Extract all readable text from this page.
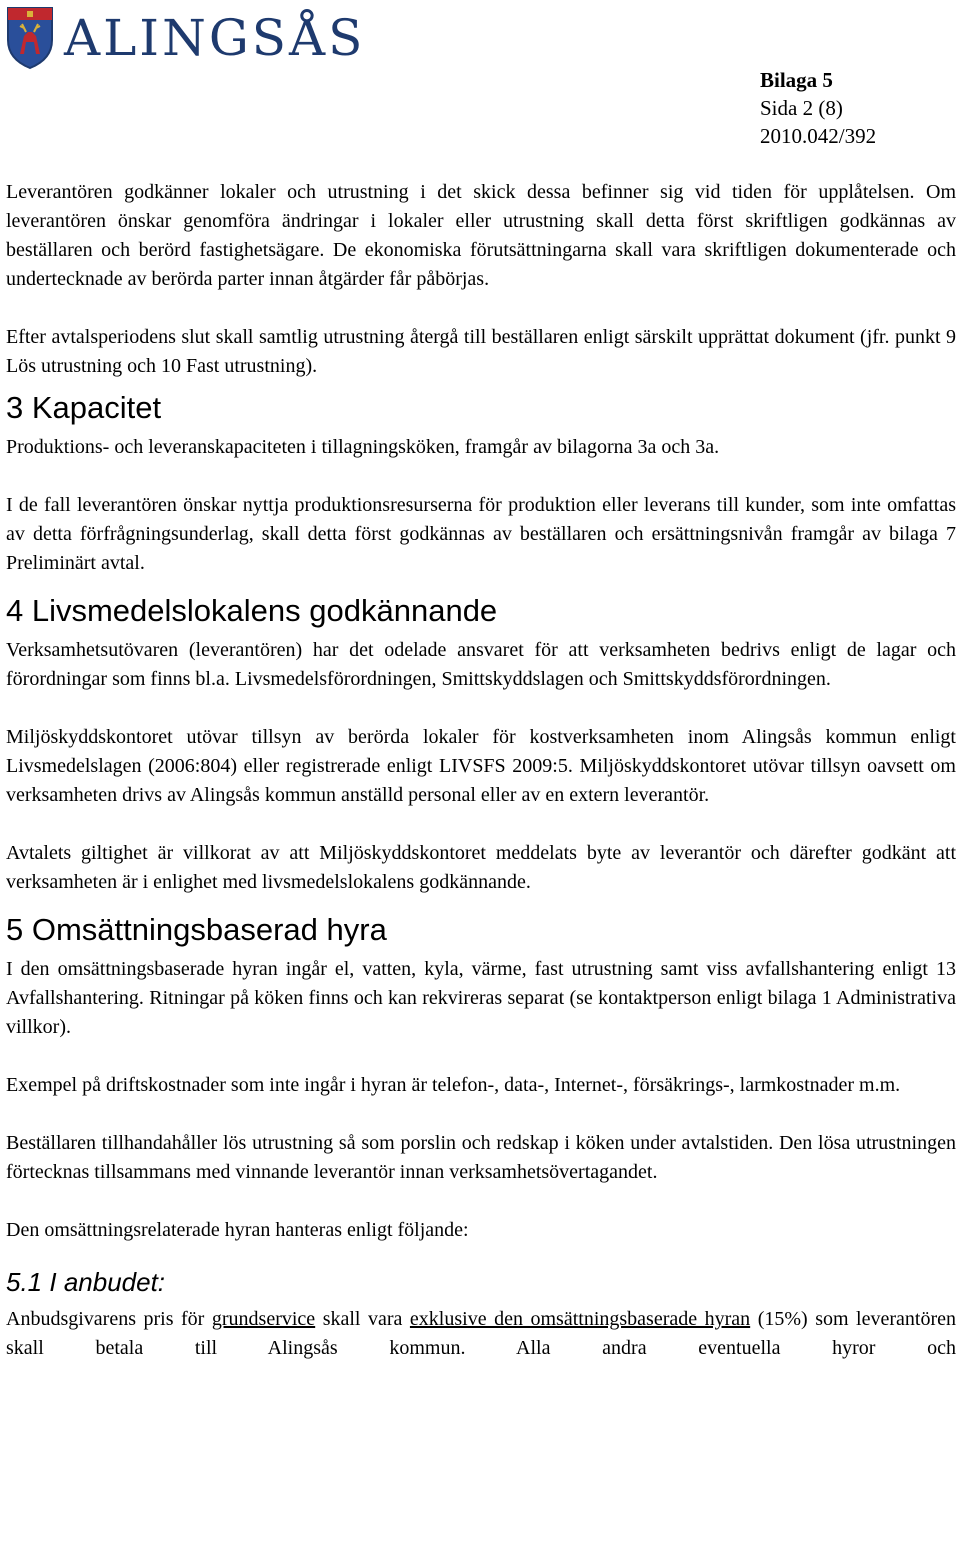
ALINGSÅS
Bilaga 5
Sida 2 (8)
2010.042/392

Leverantören godkänner lokaler och utrustning i det skick dessa befinner sig vid tiden för upplåtelsen. Om leverantören önskar genomföra ändringar i lokaler eller utrustning skall detta först skriftligen godkännas av beställaren och berörd fastighetsägare. De ekonomiska förutsättningarna skall vara skriftligen dokumenterade och undertecknade av berörda parter innan åtgärder får påbörjas.

Efter avtalsperiodens slut skall samtlig utrustning återgå till beställaren enligt särskilt upprättat dokument (jfr. punkt 9 Lös utrustning och 10 Fast utrustning).

3 Kapacitet

Produktions- och leveranskapaciteten i tillagningsköken, framgår av bilagorna 3a och 3a.

I de fall leverantören önskar nyttja produktionsresurserna för produktion eller leverans till kunder, som inte omfattas av detta förfrågningsunderlag, skall detta först godkännas av beställaren och ersättningsnivån framgår av bilaga 7 Preliminärt avtal.

4 Livsmedelslokalens godkännande

Verksamhetsutövaren (leverantören) har det odelade ansvaret för att verksamheten bedrivs enligt de lagar och förordningar som finns bl.a. Livsmedelsförordningen, Smittskyddslagen och Smittskyddsförordningen.

Miljöskyddskontoret utövar tillsyn av berörda lokaler för kostverksamheten inom Alingsås kommun enligt Livsmedelslagen (2006:804) eller registrerade enligt LIVSFS 2009:5. Miljöskyddskontoret utövar tillsyn oavsett om verksamheten drivs av Alingsås kommun anställd personal eller av en extern leverantör.

Avtalets giltighet är villkorat av att Miljöskyddskontoret meddelats byte av leverantör och därefter godkänt att verksamheten är i enlighet med livsmedelslokalens godkännande.

5 Omsättningsbaserad hyra

I den omsättningsbaserade hyran ingår el, vatten, kyla, värme, fast utrustning samt viss avfallshantering enligt 13 Avfallshantering. Ritningar på köken finns och kan rekvireras separat (se kontaktperson enligt bilaga 1 Administrativa villkor).

Exempel på driftskostnader som inte ingår i hyran är telefon-, data-, Internet-, försäkrings-, larmkostnader m.m.

Beställaren tillhandahåller lös utrustning så som porslin och redskap i köken under avtalstiden. Den lösa utrustningen förtecknas tillsammans med vinnande leverantör innan verksamhetsövertagandet.

Den omsättningsrelaterade hyran hanteras enligt följande:

5.1 I anbudet:

Anbudsgivarens pris för grundservice skall vara exklusive den omsättningsbaserade hyran (15%) som leverantören skall betala till Alingsås kommun. Alla andra eventuella hyror och
